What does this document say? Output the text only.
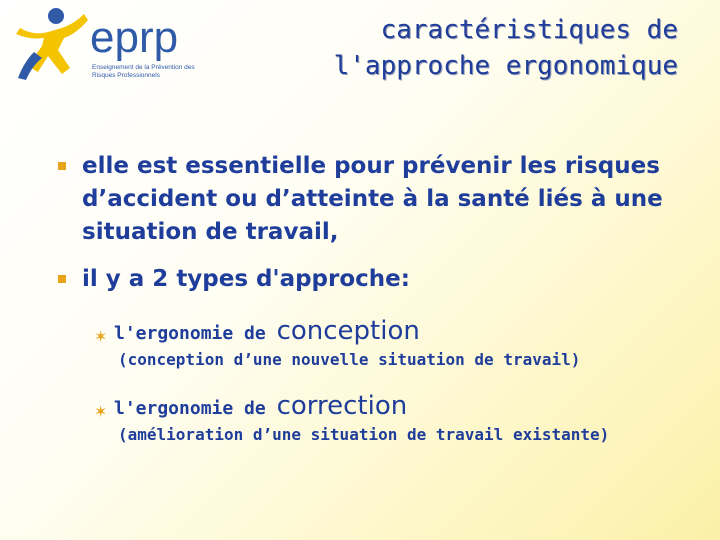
eprp
Enseignement de la Prévention des Risques Professionnels
caractéristiques de
l'approche ergonomique
elle est essentielle pour prévenir les risques d’accident ou d’atteinte à la santé liés à une situation de travail,
il y a 2 types d'approche:
✶ l'ergonomie de conception
(conception d’une nouvelle situation de travail)
✶ l'ergonomie de correction
(amélioration d’une situation de travail existante)
